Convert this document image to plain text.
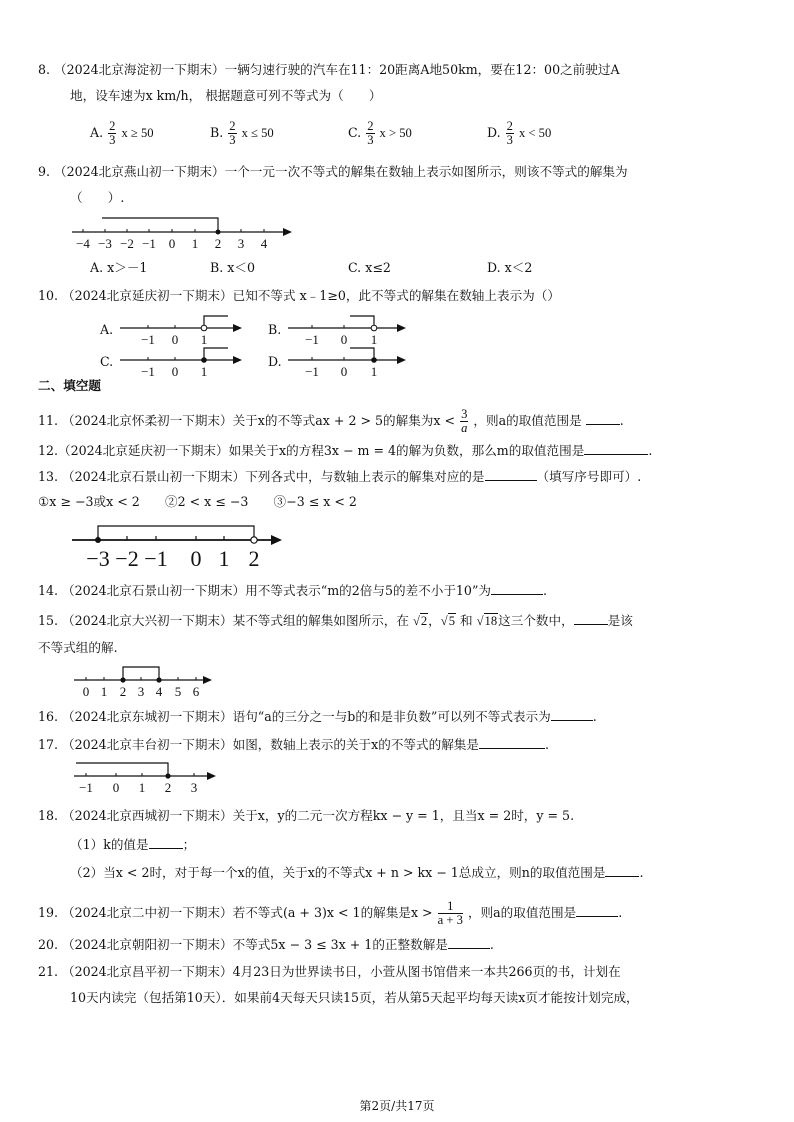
8. （2024北京海淀初一下期末）一辆匀速行驶的汽车在11：20距离A地50km，要在12：00之前驶过A
地，设车速为x km/h， 根据题意可列不等式为（　　）
A. $\frac{2}{3}$ x ≥ 50	B. $\frac{2}{3}$ x ≤ 50	C. $\frac{2}{3}$ x > 50	D. $\frac{2}{3}$ x < 50
9. （2024北京燕山初一下期末）一个一元一次不等式的解集在数轴上表示如图所示，则该不等式的解集为
（　　）.
−4 −3 −2 −1 0 1 2 3 4
A. x＞－1	B. x＜0	C. x≤2	D. x＜2
10. （2024北京延庆初一下期末）已知不等式 x﹣1≥0，此不等式的解集在数轴上表示为（）
A.
−1 0 1
B.
−1 0 1
C.
−1 0 1
D.
−1 0 1
二、填空题
11. （2024北京怀柔初一下期末）关于x的不等式ax + 2 > 5的解集为$x < \frac{3}{a}$ ，则a的取值范围是	.
12.（2024北京延庆初一下期末）如果关于x的方程3x − m = 4的解为负数，那么m的取值范围是	.
13. （2024北京石景山初一下期末）下列各式中，与数轴上表示的解集对应的是	（填写序号即可）.
①x ≥ −3或x < 2　　②2 < x ≤ −3　　③−3 ≤ x < 2
−3 −2 −1 0 1 2
14. （2024北京石景山初一下期末）用不等式表示“m的2倍与5的差不小于10”为	.
15. （2024北京大兴初一下期末）某不等式组的解集如图所示，在 √2，√5 和 √18这三个数中，	是该
不等式组的解.
0 1 2 3 4 5 6
16. （2024北京东城初一下期末）语句“a的三分之一与b的和是非负数”可以列不等式表示为	.
17. （2024北京丰台初一下期末）如图，数轴上表示的关于x的不等式的解集是	.
−1 0 1 2 3
18. （2024北京西城初一下期末）关于x，y的二元一次方程kx − y = 1，且当x = 2时，y = 5.
（1）k的值是	；
（2）当x < 2时，对于每一个x的值，关于x的不等式x + n > kx − 1总成立，则n的取值范围是	.
19. （2024北京二中初一下期末）若不等式(a + 3)x < 1的解集是$x > \frac{1}{a + 3}$ ，则a的取值范围是	.
20. （2024北京朝阳初一下期末）不等式5x − 3 ≤ 3x + 1的正整数解是	.
21. （2024北京昌平初一下期末）4月23日为世界读书日，小萱从图书馆借来一本共266页的书，计划在
10天内读完（包括第10天）．如果前4天每天只读15页，若从第5天起平均每天读x页才能按计划完成，
第2页/共17页
